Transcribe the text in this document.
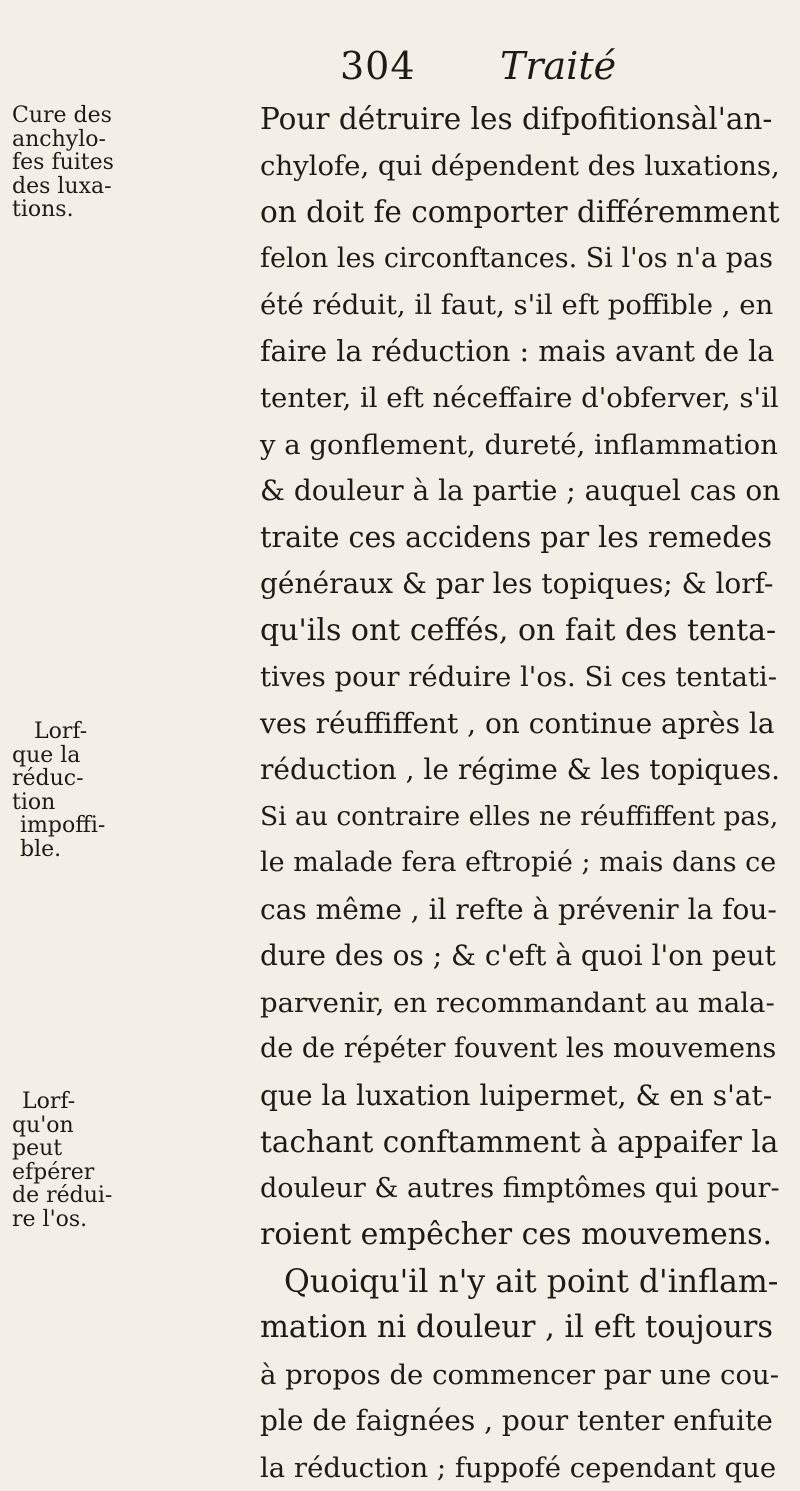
304 Traité
Cure des
anchylo-
fes fuites
des luxa-
tions.
Lorf-
que la
réduc-
tion
impoffi-
ble.
Lorf-
qu'on
peut
efpérer
de rédui-
re l'os.
Pour détruire les difpofitionsàl'an-
chylofe, qui dépendent des luxations,
on doit fe comporter différemment
felon les circonftances. Si l'os n'a pas
été réduit, il faut, s'il eft poffible , en
faire la réduction : mais avant de la
tenter, il eft néceffaire d'obferver, s'il
y a gonflement, dureté, inflammation
& douleur à la partie ; auquel cas on
traite ces accidens par les remedes
généraux & par les topiques; & lorf-
qu'ils ont ceffés, on fait des tenta-
tives pour réduire l'os. Si ces tentati-
ves réuffiffent , on continue après la
réduction , le régime & les topiques.
Si au contraire elles ne réuffiffent pas,
le malade fera eftropié ; mais dans ce
cas même , il refte à prévenir la fou-
dure des os ; & c'eft à quoi l'on peut
parvenir, en recommandant au mala-
de de répéter fouvent les mouvemens
que la luxation luipermet, & en s'at-
tachant conftamment à appaifer la
douleur & autres fimptômes qui pour-
roient empêcher ces mouvemens.
Quoiqu'il n'y ait point d'inflam-
mation ni douleur , il eft toujours
à propos de commencer par une cou-
ple de faignées , pour tenter enfuite
la réduction ; fuppofé cependant que
